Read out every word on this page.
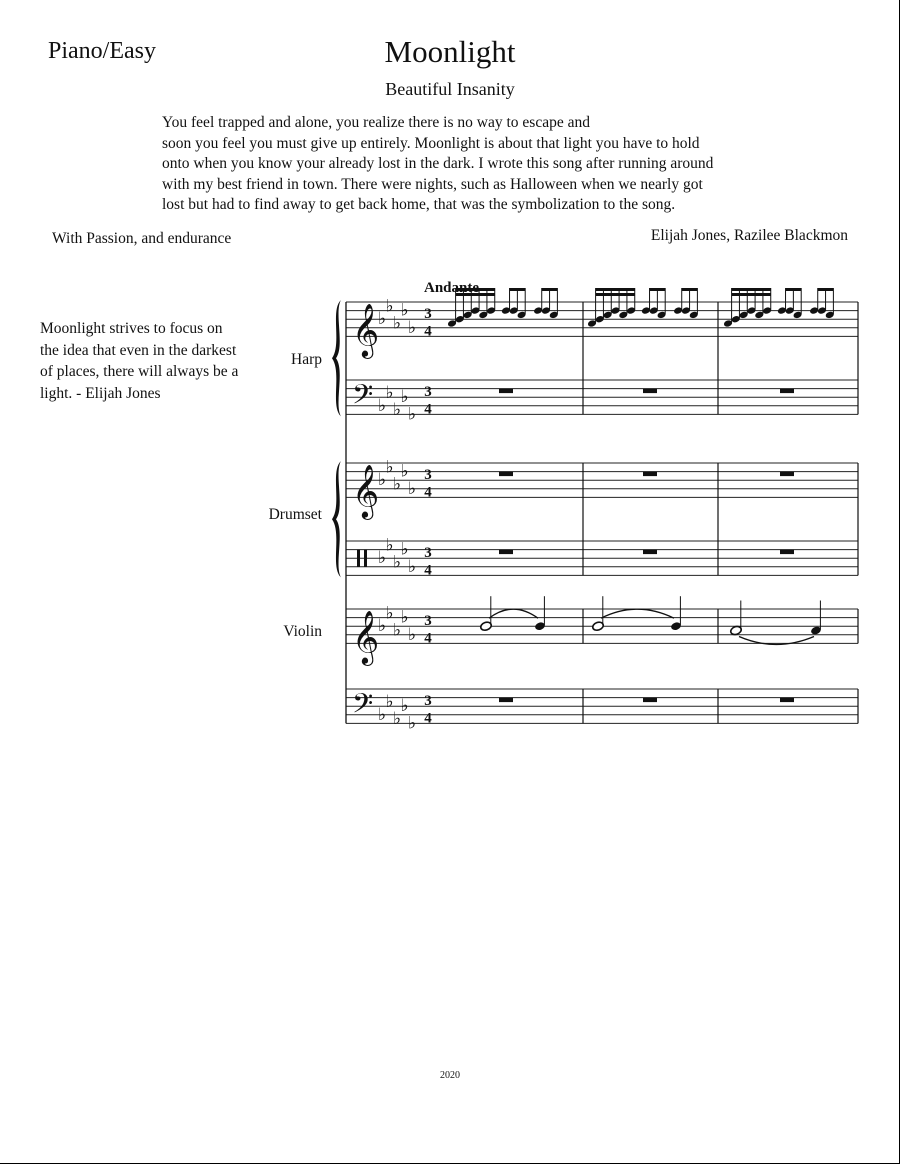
Piano/Easy	Moonlight
Beautiful Insanity
You feel trapped and alone, you realize there is no way to escape and
soon you feel you must give up entirely. Moonlight is about that light you have to hold
onto when you know your already lost in the dark. I wrote this song after running around
with my best friend in town. There were nights, such as Halloween when we nearly got
lost but had to find away to get back home, that was the symbolization to the song.
With Passion, and endurance	Elijah Jones, Razilee Blackmon
Moonlight strives to focus on
the idea that even in the darkest
of places, there will always be a
light. - Elijah Jones
𝄞
𝄢
𝄞
𝄞
𝄢
♭
♭
♭
♭
♭
♭
♭
♭
♭
♭
♭
♭
♭
♭
♭
♭
♭
♭
♭
♭
♭
♭
♭
♭
♭
♭
♭
♭
♭
♭
3
4
3
4
3
4
3
4
3
4
3
4
Andante
Harp
Drumset
Violin
2020
